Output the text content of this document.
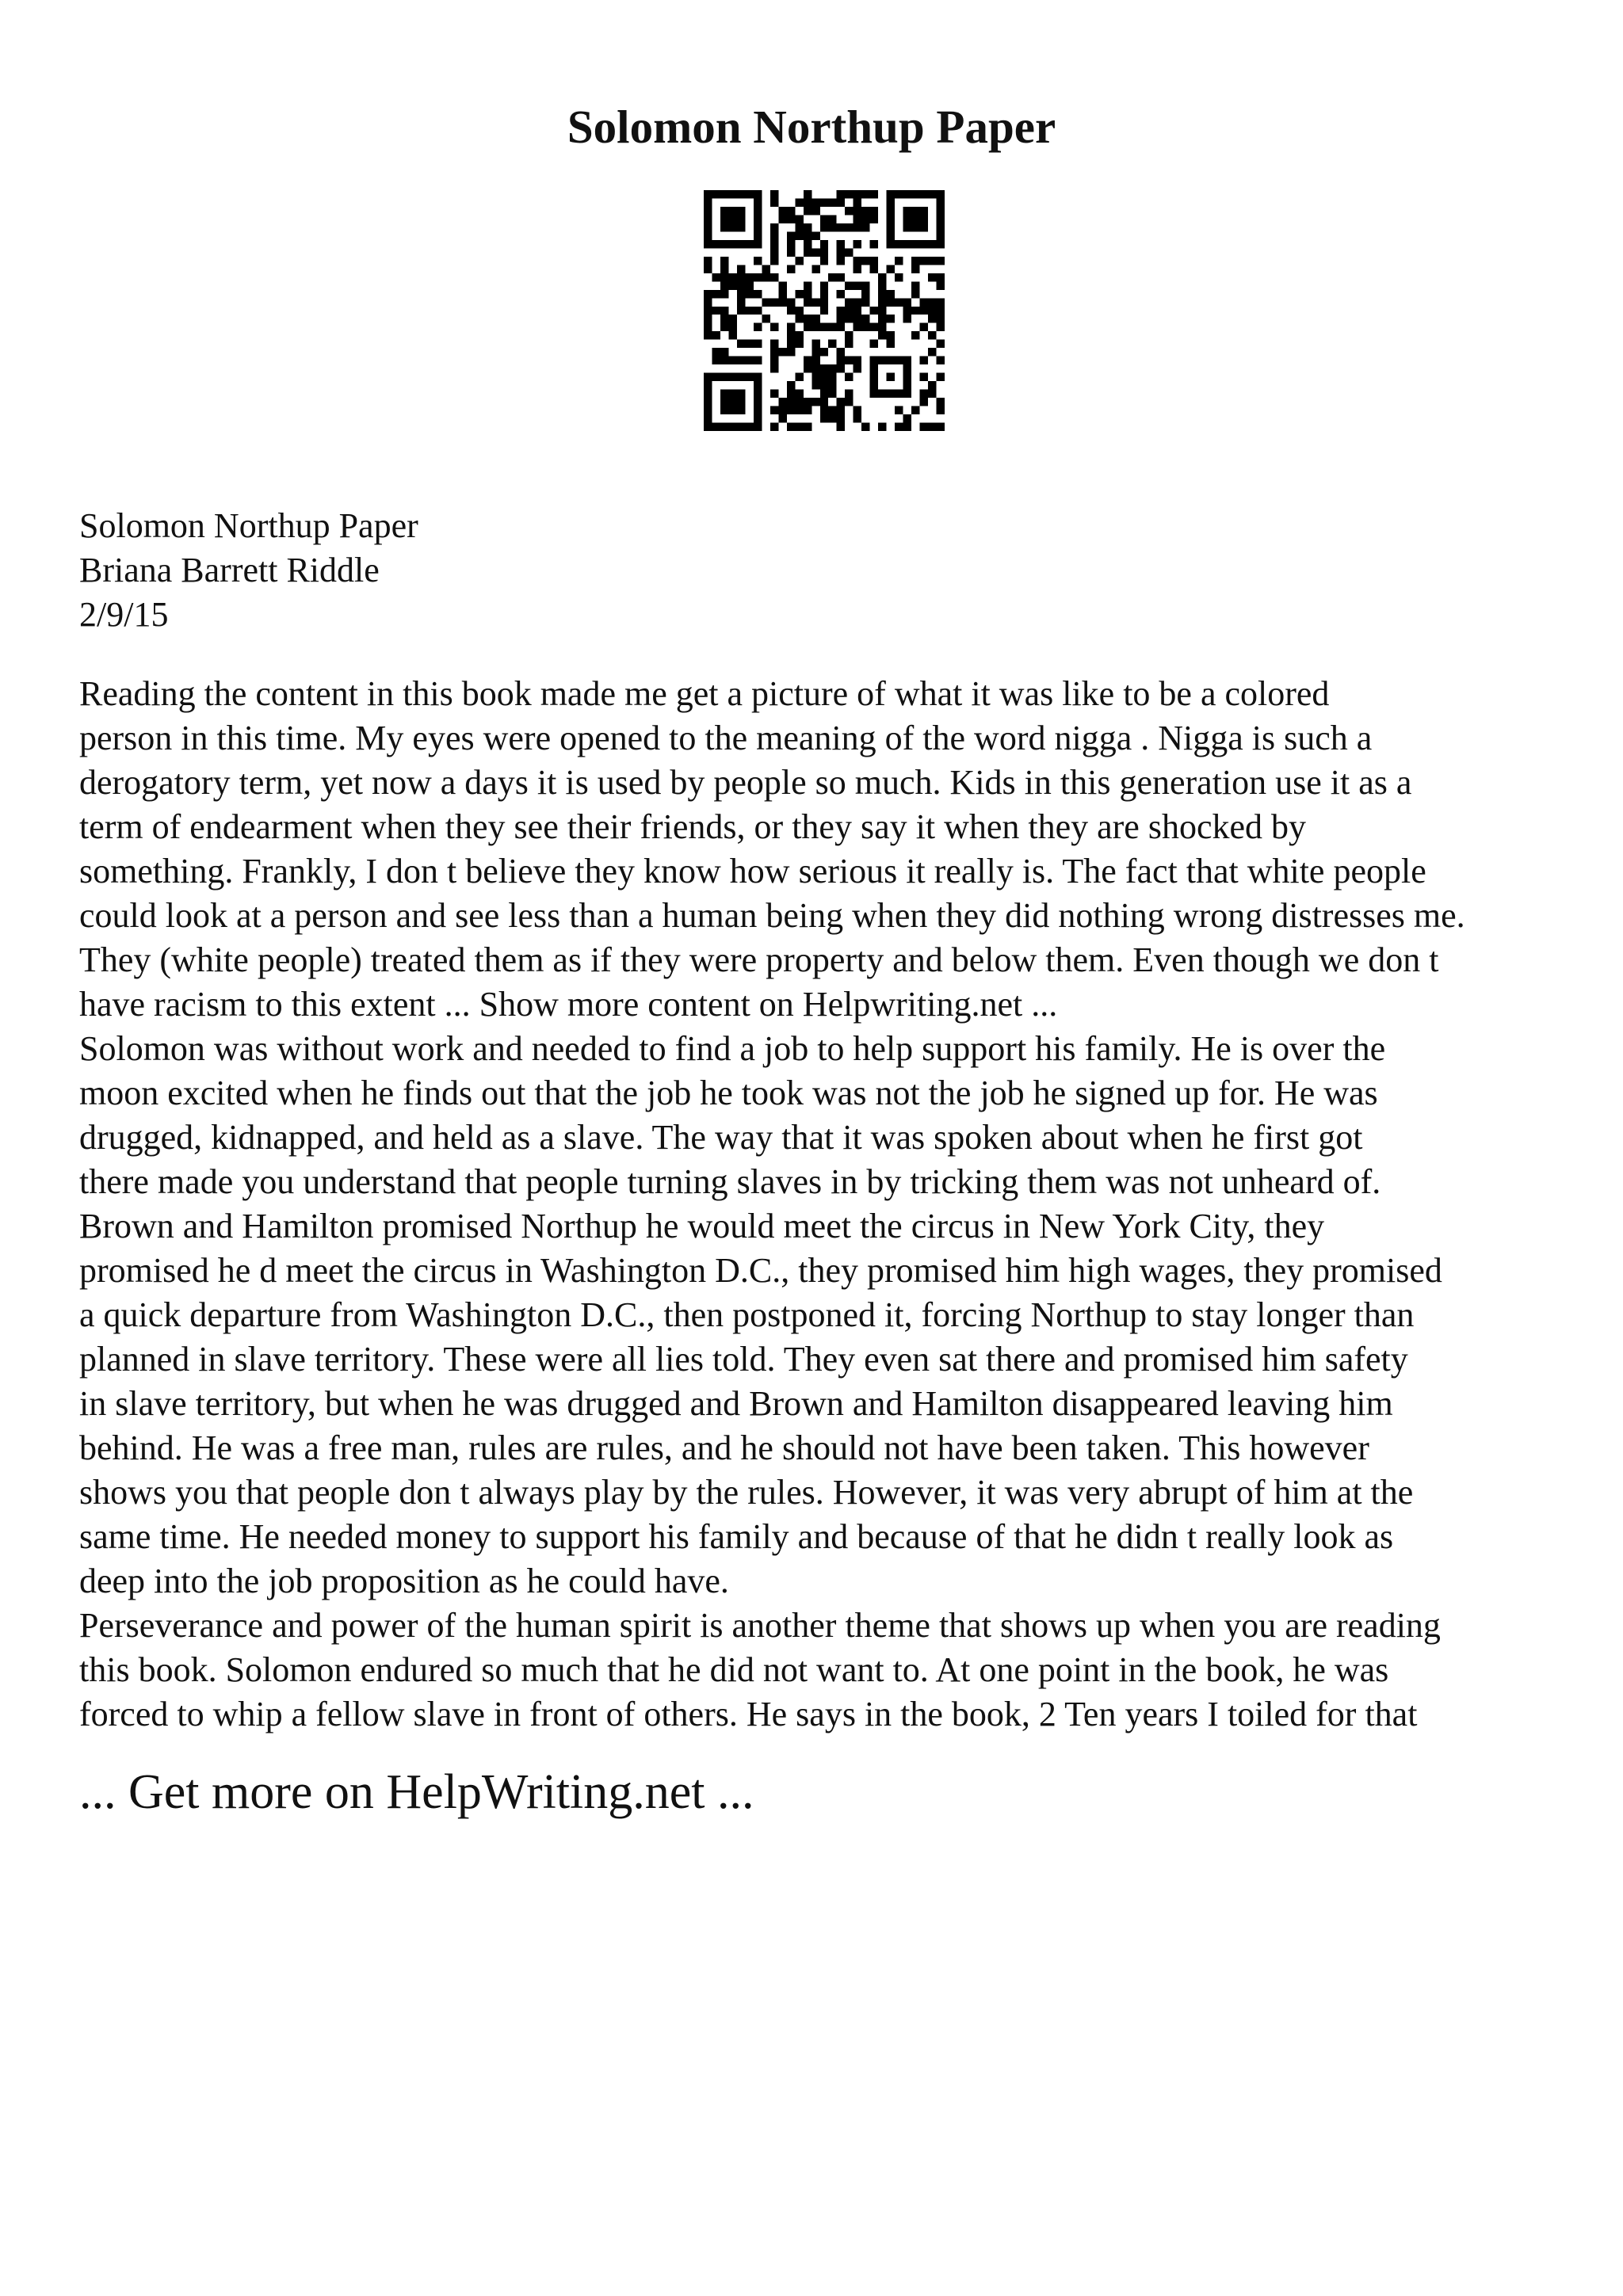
Solomon Northup Paper
Solomon Northup Paper
Briana Barrett Riddle
2/9/15
Reading the content in this book made me get a picture of what it was like to be a colored
person in this time. My eyes were opened to the meaning of the word nigga . Nigga is such a
derogatory term, yet now a days it is used by people so much. Kids in this generation use it as a
term of endearment when they see their friends, or they say it when they are shocked by
something. Frankly, I don t believe they know how serious it really is. The fact that white people
could look at a person and see less than a human being when they did nothing wrong distresses me.
They (white people) treated them as if they were property and below them. Even though we don t
have racism to this extent ... Show more content on Helpwriting.net ...
Solomon was without work and needed to find a job to help support his family. He is over the
moon excited when he finds out that the job he took was not the job he signed up for. He was
drugged, kidnapped, and held as a slave. The way that it was spoken about when he first got
there made you understand that people turning slaves in by tricking them was not unheard of.
Brown and Hamilton promised Northup he would meet the circus in New York City, they
promised he d meet the circus in Washington D.C., they promised him high wages, they promised
a quick departure from Washington D.C., then postponed it, forcing Northup to stay longer than
planned in slave territory. These were all lies told. They even sat there and promised him safety
in slave territory, but when he was drugged and Brown and Hamilton disappeared leaving him
behind. He was a free man, rules are rules, and he should not have been taken. This however
shows you that people don t always play by the rules. However, it was very abrupt of him at the
same time. He needed money to support his family and because of that he didn t really look as
deep into the job proposition as he could have.
Perseverance and power of the human spirit is another theme that shows up when you are reading
this book. Solomon endured so much that he did not want to. At one point in the book, he was
forced to whip a fellow slave in front of others. He says in the book, 2 Ten years I toiled for that
... Get more on HelpWriting.net ...
